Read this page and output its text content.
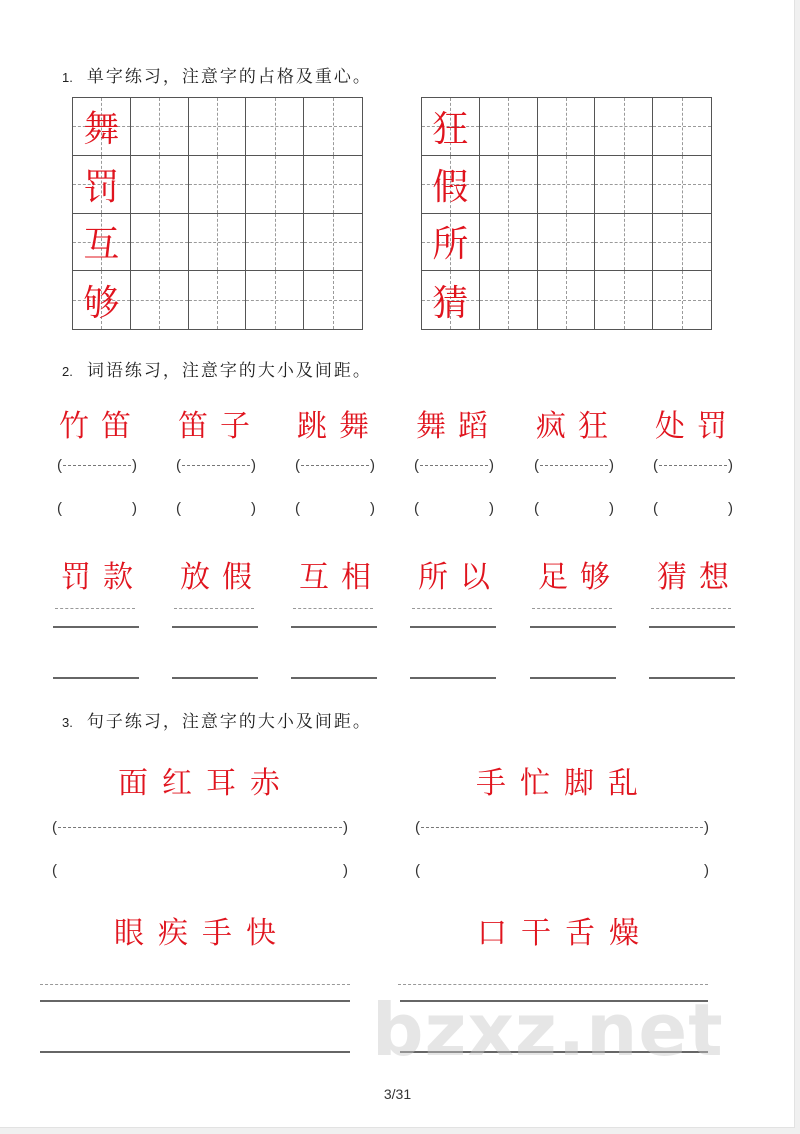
1. 单字练习，注意字的占格及重心。
舞
罚
互
够
狂
假
所
猜
2. 词语练习，注意字的大小及间距。
3. 句子练习，注意字的大小及间距。
面红耳赤	手忙脚乱
(	)
(	)
(	)
(	)
眼疾手快	口干舌燥
bzxz.net
3/31
竹笛
(	)
(	)
笛子
(	)
(	)
跳舞
(	)
(	)
舞蹈
(	)
(	)
疯狂
(	)
(	)
处罚
(	)
(	)
罚款 放假 互相 所以 足够 猜想
